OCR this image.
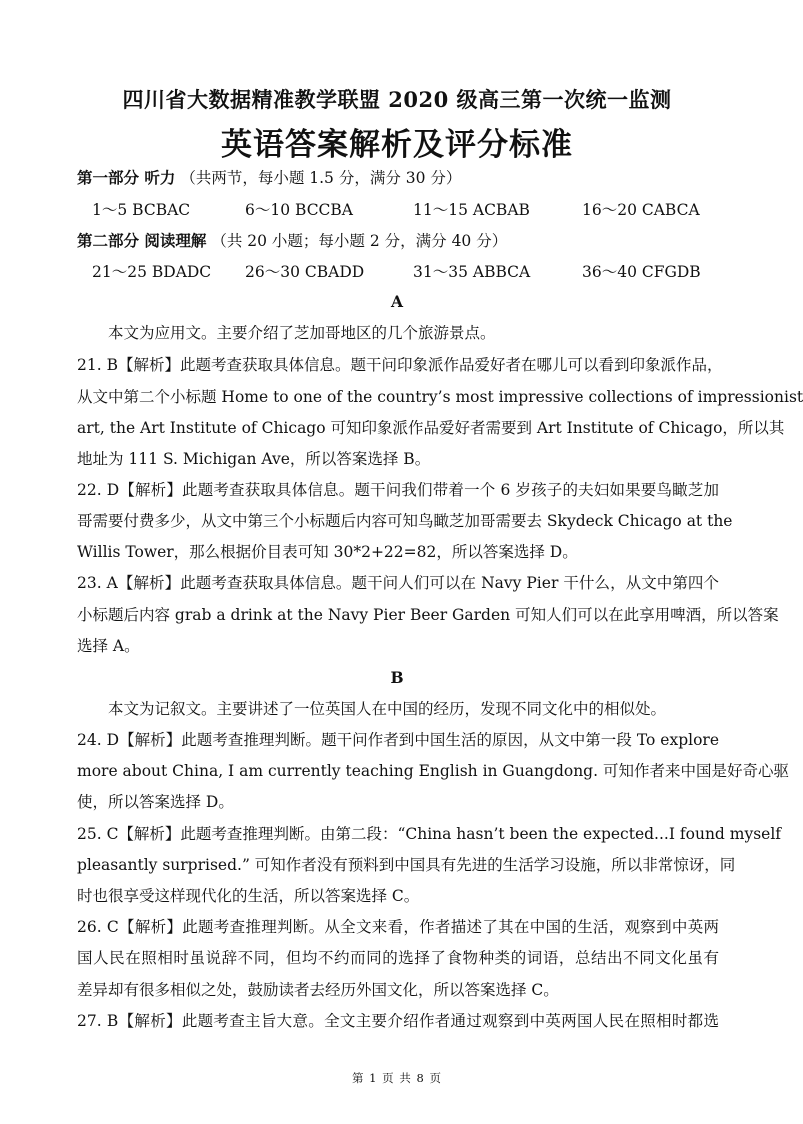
四川省大数据精准教学联盟 2020 级高三第一次统一监测
英语答案解析及评分标准
第一部分 听力 （共两节，每小题 1.5 分，满分 30 分）
1～5 BCBAC	6～10 BCCBA	11～15 ACBAB	16～20 CABCA
第二部分 阅读理解 （共 20 小题；每小题 2 分，满分 40 分）
21～25 BDADC 26～30 CBADD	31～35 ABBCA	36～40 CFGDB
A
本文为应用文。主要介绍了芝加哥地区的几个旅游景点。
21. B【解析】此题考查获取具体信息。题干问印象派作品爱好者在哪儿可以看到印象派作品，
从文中第二个小标题 Home to one of the country’s most impressive collections of impressionist
art, the Art Institute of Chicago 可知印象派作品爱好者需要到 Art Institute of Chicago，所以其
地址为 111 S. Michigan Ave，所以答案选择 B。
22. D【解析】此题考查获取具体信息。题干问我们带着一个 6 岁孩子的夫妇如果要鸟瞰芝加
哥需要付费多少，从文中第三个小标题后内容可知鸟瞰芝加哥需要去 Skydeck Chicago at the
Willis Tower，那么根据价目表可知 30*2+22=82，所以答案选择 D。
23. A【解析】此题考查获取具体信息。题干问人们可以在 Navy Pier 干什么，从文中第四个
小标题后内容 grab a drink at the Navy Pier Beer Garden 可知人们可以在此享用啤酒，所以答案
选择 A。
B
本文为记叙文。主要讲述了一位英国人在中国的经历，发现不同文化中的相似处。
24. D【解析】此题考查推理判断。题干问作者到中国生活的原因，从文中第一段 To explore
more about China, I am currently teaching English in Guangdong. 可知作者来中国是好奇心驱
使，所以答案选择 D。
25. C【解析】此题考查推理判断。由第二段：“China hasn’t been the expected...I found myself
pleasantly surprised.” 可知作者没有预料到中国具有先进的生活学习设施，所以非常惊讶，同
时也很享受这样现代化的生活，所以答案选择 C。
26. C【解析】此题考查推理判断。从全文来看，作者描述了其在中国的生活，观察到中英两
国人民在照相时虽说辞不同，但均不约而同的选择了食物种类的词语，总结出不同文化虽有
差异却有很多相似之处，鼓励读者去经历外国文化，所以答案选择 C。
27. B【解析】此题考查主旨大意。全文主要介绍作者通过观察到中英两国人民在照相时都选
第 1 页 共 8 页
